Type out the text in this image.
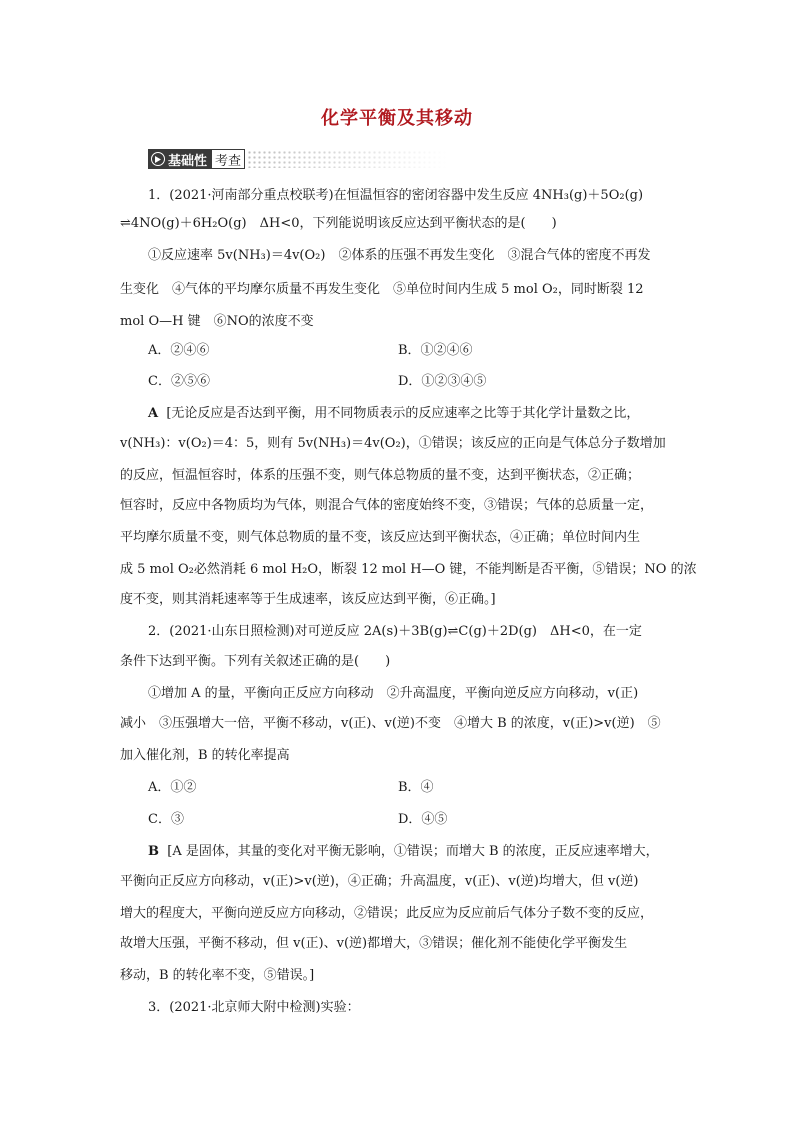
化学平衡及其移动
基础性 考查
1．(2021·河南部分重点校联考)在恒温恒容的密闭容器中发生反应 4NH₃(g)＋5O₂(g)
⇌4NO(g)＋6H₂O(g)　ΔH<0，下列能说明该反应达到平衡状态的是(　　)
①反应速率 5v(NH₃)＝4v(O₂)　②体系的压强不再发生变化　③混合气体的密度不再发
生变化　④气体的平均摩尔质量不再发生变化　⑤单位时间内生成 5 mol O₂，同时断裂 12
mol O—H 键　⑥NO的浓度不变
A．②④⑥	B．①②④⑥
C．②⑤⑥	D．①②③④⑤
A [无论反应是否达到平衡，用不同物质表示的反应速率之比等于其化学计量数之比，
v(NH₃)：v(O₂)＝4：5，则有 5v(NH₃)＝4v(O₂)，①错误；该反应的正向是气体总分子数增加
的反应，恒温恒容时，体系的压强不变，则气体总物质的量不变，达到平衡状态，②正确；
恒容时，反应中各物质均为气体，则混合气体的密度始终不变，③错误；气体的总质量一定，
平均摩尔质量不变，则气体总物质的量不变，该反应达到平衡状态，④正确；单位时间内生
成 5 mol O₂必然消耗 6 mol H₂O，断裂 12 mol H—O 键，不能判断是否平衡，⑤错误；NO 的浓
度不变，则其消耗速率等于生成速率，该反应达到平衡，⑥正确。]
2．(2021·山东日照检测)对可逆反应 2A(s)＋3B(g)⇌C(g)＋2D(g)　ΔH<0，在一定
条件下达到平衡。下列有关叙述正确的是(　　)
①增加 A 的量，平衡向正反应方向移动　②升高温度，平衡向逆反应方向移动，v(正)
减小　③压强增大一倍，平衡不移动，v(正)、v(逆)不变　④增大 B 的浓度，v(正)>v(逆)　⑤
加入催化剂，B 的转化率提高
A．①②	B．④
C．③	D．④⑤
B [A 是固体，其量的变化对平衡无影响，①错误；而增大 B 的浓度，正反应速率增大，
平衡向正反应方向移动，v(正)>v(逆)，④正确；升高温度，v(正)、v(逆)均增大，但 v(逆)
增大的程度大，平衡向逆反应方向移动，②错误；此反应为反应前后气体分子数不变的反应，
故增大压强，平衡不移动，但 v(正)、v(逆)都增大，③错误；催化剂不能使化学平衡发生
移动，B 的转化率不变，⑤错误。]
3．(2021·北京师大附中检测)实验：
